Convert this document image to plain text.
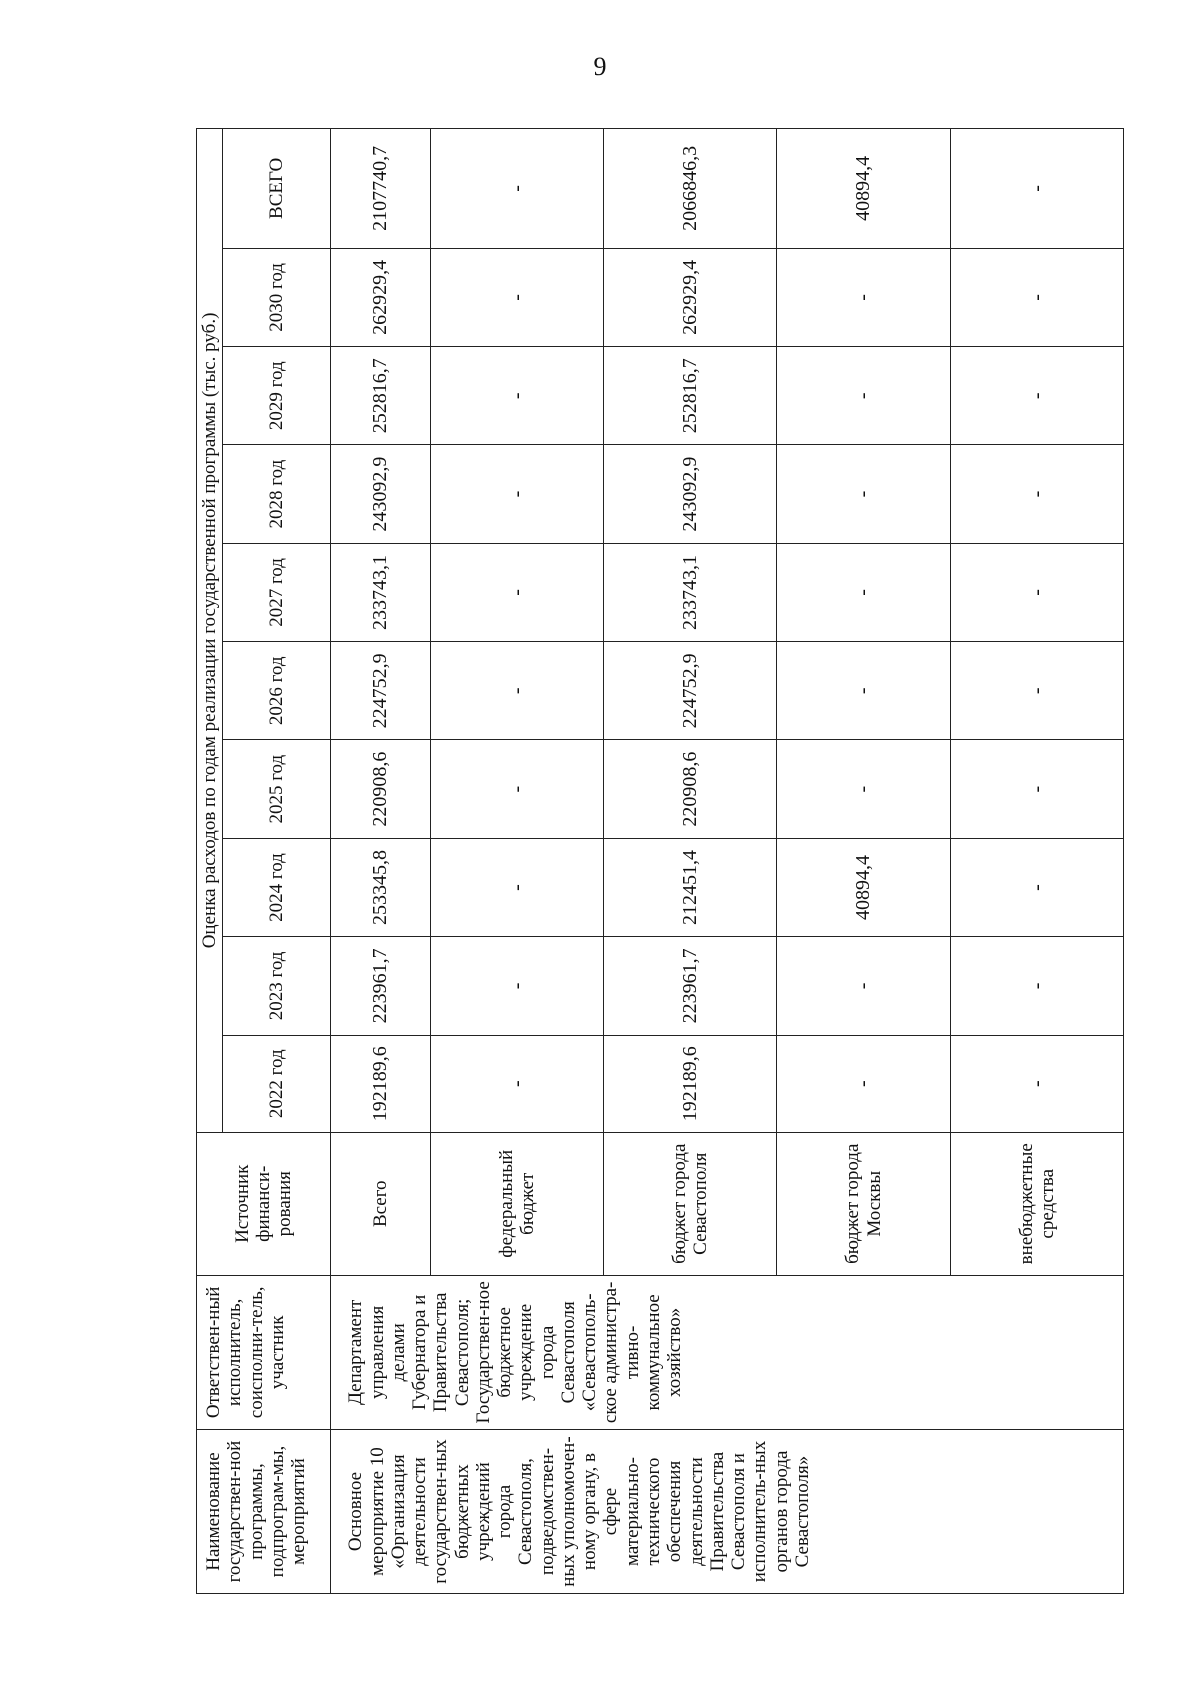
9
Наименование государствен-ной программы, подпрограм-мы, мероприятий	Ответствен-ный исполнитель, соисполни-тель, участник	Источник финанси-рования	Оценка расходов по годам реализации государственной программы (тыс. руб.)									
			2022 год	2023 год	2024 год	2025 год	2026 год	2027 год	2028 год	2029 год	2030 год	ВСЕГО
Основное мероприятие 10 «Организация деятельности государствен-ных бюджетных учреждений города Севастополя, подведомствен-ных уполномочен-ному органу, в сфере материально-технического обеспечения деятельности Правительства Севастополя и исполнитель-ных органов города Севастополя»	Департамент управления делами Губернатора и Правительства Севастополя; Государствен-ное бюджетное учреждение города Севастополя «Севастополь-ское администра-тивно-коммунальное хозяйство»	Всего	192189,6	223961,7	253345,8	220908,6	224752,9	233743,1	243092,9	252816,7	262929,4	2107740,7
		федеральный бюджет	-	-	-	-	-	-	-	-	-	-
		бюджет города Севастополя	192189,6	223961,7	212451,4	220908,6	224752,9	233743,1	243092,9	252816,7	262929,4	2066846,3
		бюджет города Москвы	-	-	40894,4	-	-	-	-	-	-	40894,4
		внебюджетные средства	-	-	-	-	-	-	-	-	-	-
